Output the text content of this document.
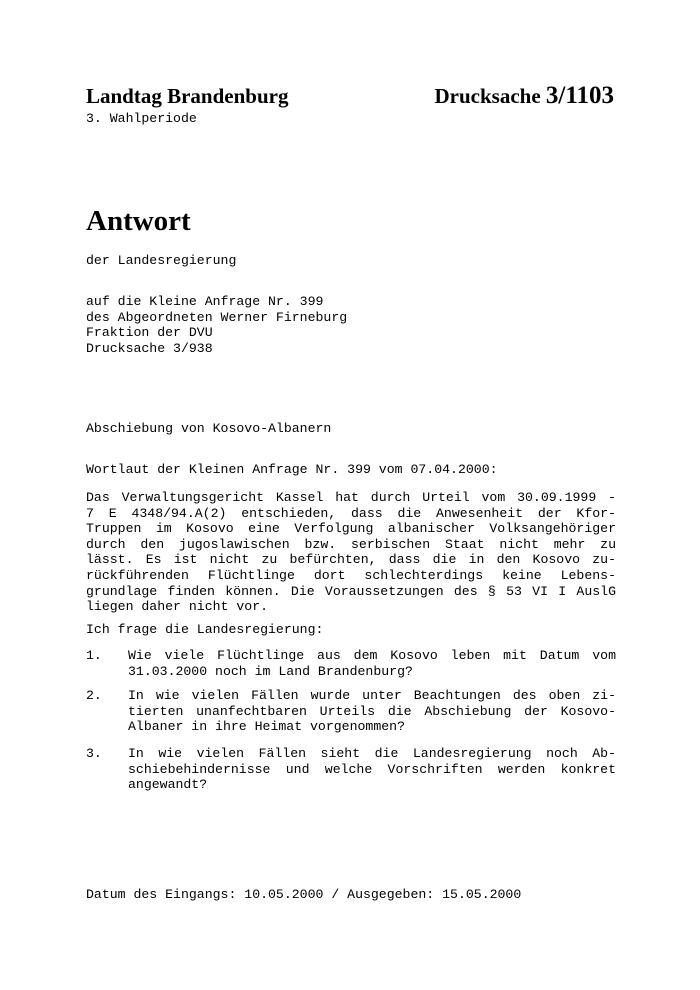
Landtag Brandenburg	Drucksache 3/1103
3. Wahlperiode
Antwort
der Landesregierung
auf die Kleine Anfrage Nr. 399
des Abgeordneten Werner Firneburg
Fraktion der DVU
Drucksache 3/938
Abschiebung von Kosovo-Albanern
Wortlaut der Kleinen Anfrage Nr. 399 vom 07.04.2000:
Das Verwaltungsgericht Kassel hat durch Urteil vom 30.09.1999 -
7 E 4348/94.A(2) entschieden, dass die Anwesenheit der Kfor-
Truppen im Kosovo eine Verfolgung albanischer Volksangehöriger
durch den jugoslawischen bzw. serbischen Staat nicht mehr zu
lässt. Es ist nicht zu befürchten, dass die in den Kosovo zu-
rückführenden Flüchtlinge dort schlechterdings keine Lebens-
grundlage finden können. Die Voraussetzungen des § 53 VI I AuslG
liegen daher nicht vor.
Ich frage die Landesregierung:
1. Wie viele Flüchtlinge aus dem Kosovo leben mit Datum vom
31.03.2000 noch im Land Brandenburg?
2. In wie vielen Fällen wurde unter Beachtungen des oben zi-
tierten unanfechtbaren Urteils die Abschiebung der Kosovo-
Albaner in ihre Heimat vorgenommen?
3. In wie vielen Fällen sieht die Landesregierung noch Ab-
schiebehindernisse und welche Vorschriften werden konkret
angewandt?
Datum des Eingangs: 10.05.2000 / Ausgegeben: 15.05.2000
